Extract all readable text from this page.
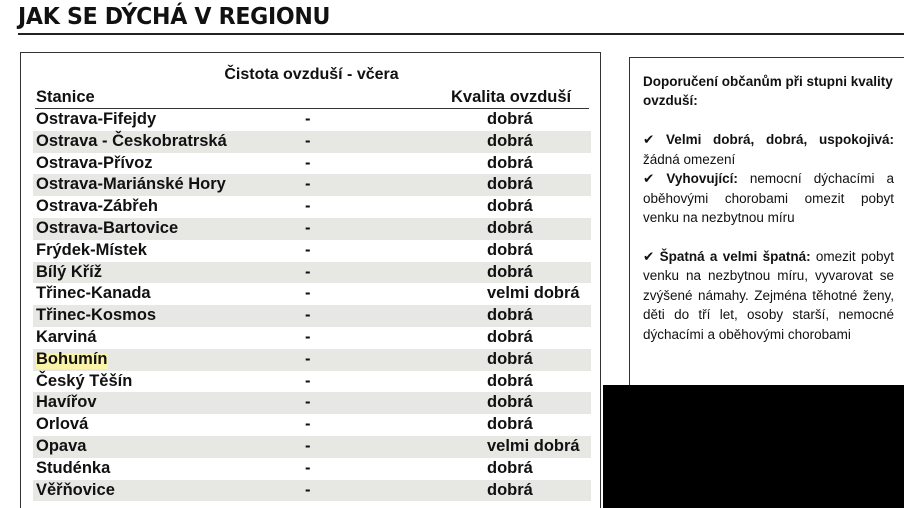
JAK SE DÝCHÁ V REGIONU
Čistota ovzduší - včera
Stanice	Kvalita ovzduší
Ostrava-Fifejdy	-	dobrá
Ostrava - Českobratrská	-	dobrá
Ostrava-Přívoz	-	dobrá
Ostrava-Mariánské Hory	-	dobrá
Ostrava-Zábřeh	-	dobrá
Ostrava-Bartovice	-	dobrá
Frýdek-Místek	-	dobrá
Bílý Kříž	-	dobrá
Třinec-Kanada	-	velmi dobrá
Třinec-Kosmos	-	dobrá
Karviná	-	dobrá
Bohumín	-	dobrá
Český Těšín	-	dobrá
Havířov	-	dobrá
Orlová	-	dobrá
Opava	-	velmi dobrá
Studénka	-	dobrá
Věřňovice	-	dobrá

Doporučení občanům při stupni kvality ovzduší:

✔ Velmi dobrá, dobrá, uspokojivá: žádná omezení

✔ Vyhovující: nemocní dýchacími a oběhovými chorobami omezit pobyt venku na nezbytnou míru

✔ Špatná a velmi špatná: omezit pobyt venku na nezbytnou míru, vyvarovat se zvýšené námahy. Zejména těhotné ženy, děti do tří let, osoby starší, nemocné dýchacími a oběhovými chorobami
